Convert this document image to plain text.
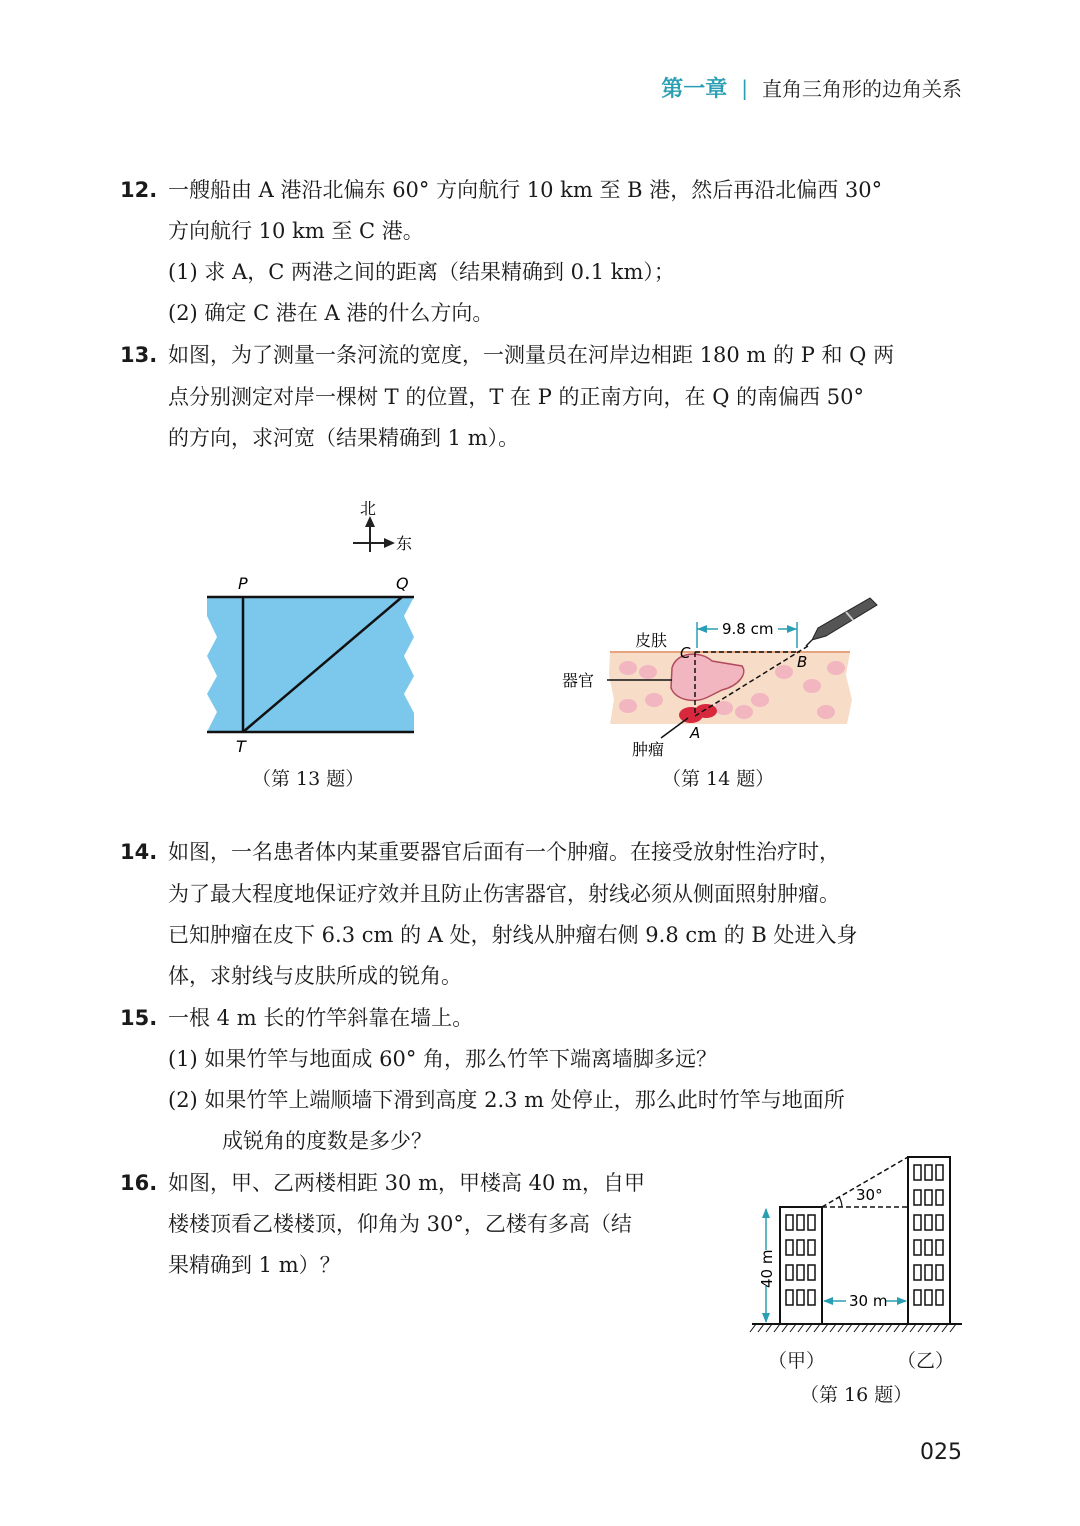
第一章 | 直角三角形的边角关系

12. 一艘船由 A 港沿北偏东 60° 方向航行 10 km 至 B 港，然后再沿北偏西 30°

方向航行 10 km 至 C 港。

(1) 求 A，C 两港之间的距离（结果精确到 0.1 km）；

(2) 确定 C 港在 A 港的什么方向。

13. 如图，为了测量一条河流的宽度，一测量员在河岸边相距 180 m 的 P 和 Q 两

点分别测定对岸一棵树 T 的位置，T 在 P 的正南方向，在 Q 的南偏西 50°

的方向，求河宽（结果精确到 1 m）。

北
东
P	Q
T
（第 13 题）
9.8 cm
皮肤
器官
肿瘤
C	B
A
（第 14 题）

14. 如图，一名患者体内某重要器官后面有一个肿瘤。在接受放射性治疗时，

为了最大程度地保证疗效并且防止伤害器官，射线必须从侧面照射肿瘤。

已知肿瘤在皮下 6.3 cm 的 A 处，射线从肿瘤右侧 9.8 cm 的 B 处进入身

体，求射线与皮肤所成的锐角。

15. 一根 4 m 长的竹竿斜靠在墙上。

(1) 如果竹竿与地面成 60° 角，那么竹竿下端离墙脚多远？

(2) 如果竹竿上端顺墙下滑到高度 2.3 m 处停止，那么此时竹竿与地面所

成锐角的度数是多少？

16. 如图，甲、乙两楼相距 30 m，甲楼高 40 m，自甲

楼楼顶看乙楼楼顶，仰角为 30°，乙楼有多高（结

果精确到 1 m）？

30°
40 m
30 m
（甲）	（乙）
（第 16 题）
025
